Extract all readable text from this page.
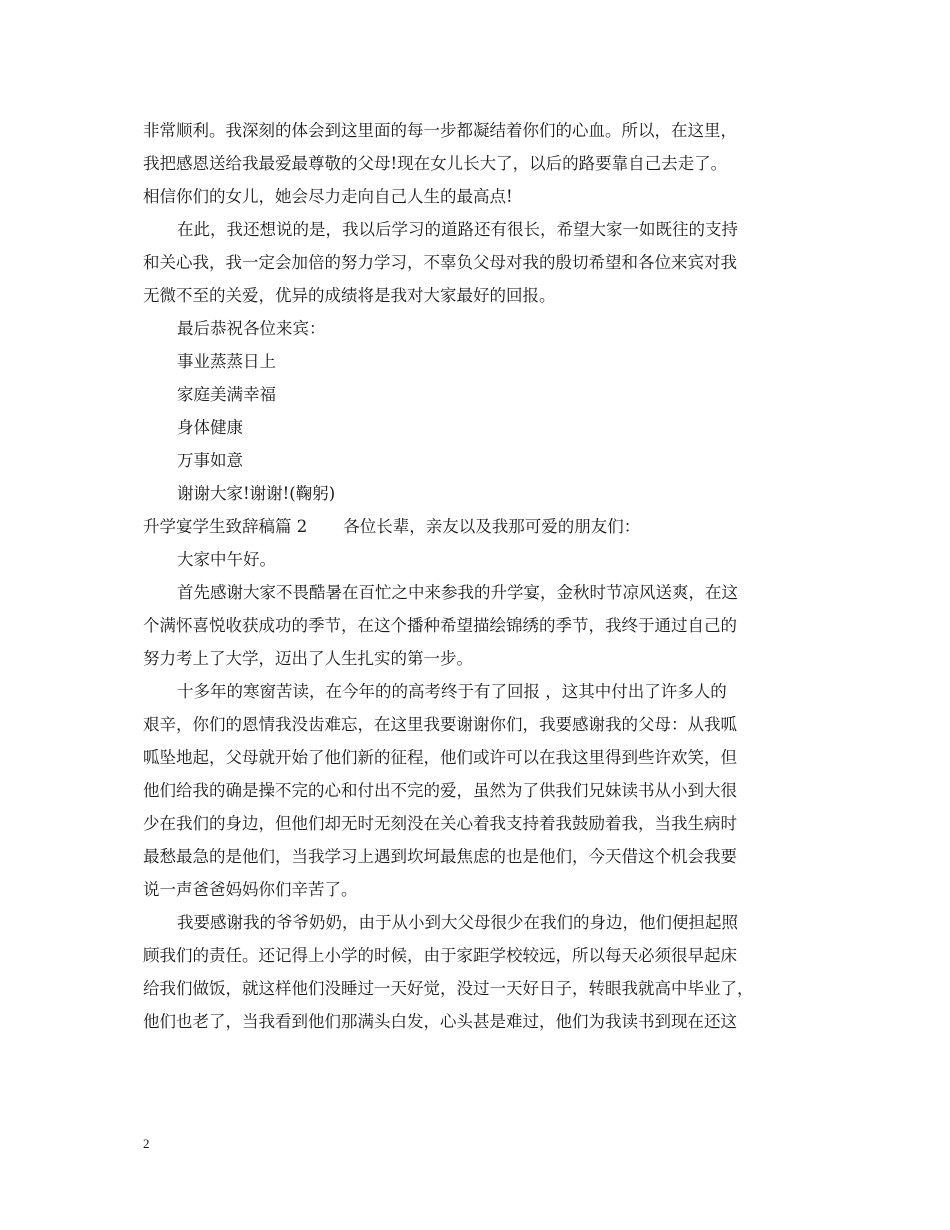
非常顺利。我深刻的体会到这里面的每一步都凝结着你们的心血。所以，在这里，
我把感恩送给我最爱最尊敬的父母!现在女儿长大了，以后的路要靠自己去走了。
相信你们的女儿，她会尽力走向自己人生的最高点!
在此，我还想说的是，我以后学习的道路还有很长，希望大家一如既往的支持
和关心我，我一定会加倍的努力学习，不辜负父母对我的殷切希望和各位来宾对我
无微不至的关爱，优异的成绩将是我对大家最好的回报。
最后恭祝各位来宾：
事业蒸蒸日上
家庭美满幸福
身体健康
万事如意
谢谢大家!谢谢!(鞠躬)
升学宴学生致辞稿篇 2 各位长辈，亲友以及我那可爱的朋友们：
大家中午好。
首先感谢大家不畏酷暑在百忙之中来参我的升学宴，金秋时节凉风送爽，在这
个满怀喜悦收获成功的季节，在这个播种希望描绘锦绣的季节，我终于通过自己的
努力考上了大学，迈出了人生扎实的第一步。
十多年的寒窗苦读，在今年的的高考终于有了回报 ，这其中付出了许多人的
艰辛，你们的恩情我没齿难忘，在这里我要谢谢你们，我要感谢我的父母：从我呱
呱坠地起，父母就开始了他们新的征程，他们或许可以在我这里得到些许欢笑，但
他们给我的确是操不完的心和付出不完的爱，虽然为了供我们兄妹读书从小到大很
少在我们的身边，但他们却无时无刻没在关心着我支持着我鼓励着我，当我生病时
最愁最急的是他们，当我学习上遇到坎坷最焦虑的也是他们，今天借这个机会我要
说一声爸爸妈妈你们辛苦了。
我要感谢我的爷爷奶奶，由于从小到大父母很少在我们的身边，他们便担起照
顾我们的责任。还记得上小学的时候，由于家距学校较远，所以每天必须很早起床
给我们做饭，就这样他们没睡过一天好觉，没过一天好日子，转眼我就高中毕业了，
他们也老了，当我看到他们那满头白发，心头甚是难过，他们为我读书到现在还这
2
